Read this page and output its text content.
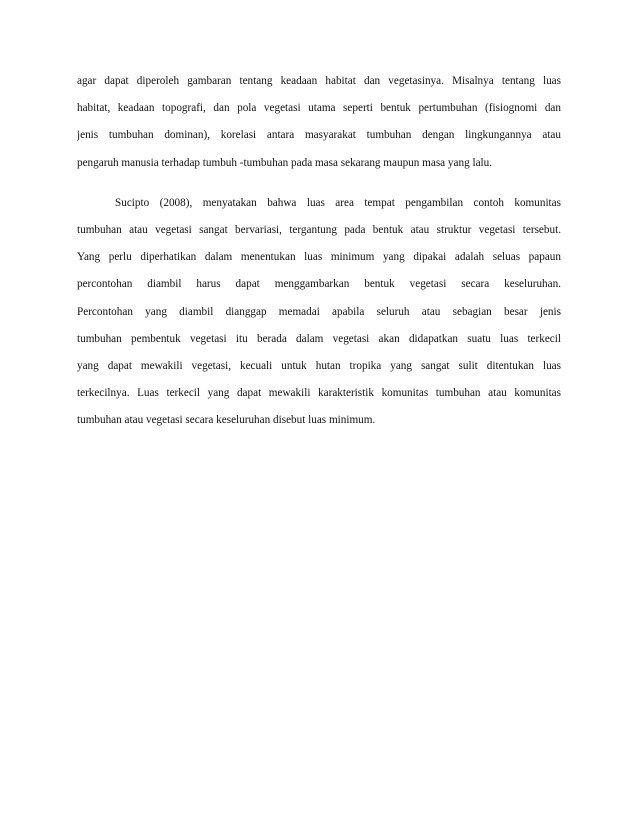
agar dapat diperoleh gambaran tentang keadaan habitat dan vegetasinya. Misalnya tentang luas
habitat, keadaan topografi, dan pola vegetasi utama seperti bentuk pertumbuhan (fisiognomi dan
jenis tumbuhan dominan), korelasi antara masyarakat tumbuhan dengan lingkungannya atau
pengaruh manusia terhadap tumbuh -tumbuhan pada masa sekarang maupun masa yang lalu.
Sucipto (2008), menyatakan bahwa luas area tempat pengambilan contoh komunitas
tumbuhan atau vegetasi sangat bervariasi, tergantung pada bentuk atau struktur vegetasi tersebut.
Yang perlu diperhatikan dalam menentukan luas minimum yang dipakai adalah seluas papaun
percontohan diambil harus dapat menggambarkan bentuk vegetasi secara keseluruhan.
Percontohan yang diambil dianggap memadai apabila seluruh atau sebagian besar jenis
tumbuhan pembentuk vegetasi itu berada dalam vegetasi akan didapatkan suatu luas terkecil
yang dapat mewakili vegetasi, kecuali untuk hutan tropika yang sangat sulit ditentukan luas
terkecilnya. Luas terkecil yang dapat mewakili karakteristik komunitas tumbuhan atau komunitas
tumbuhan atau vegetasi secara keseluruhan disebut luas minimum.
